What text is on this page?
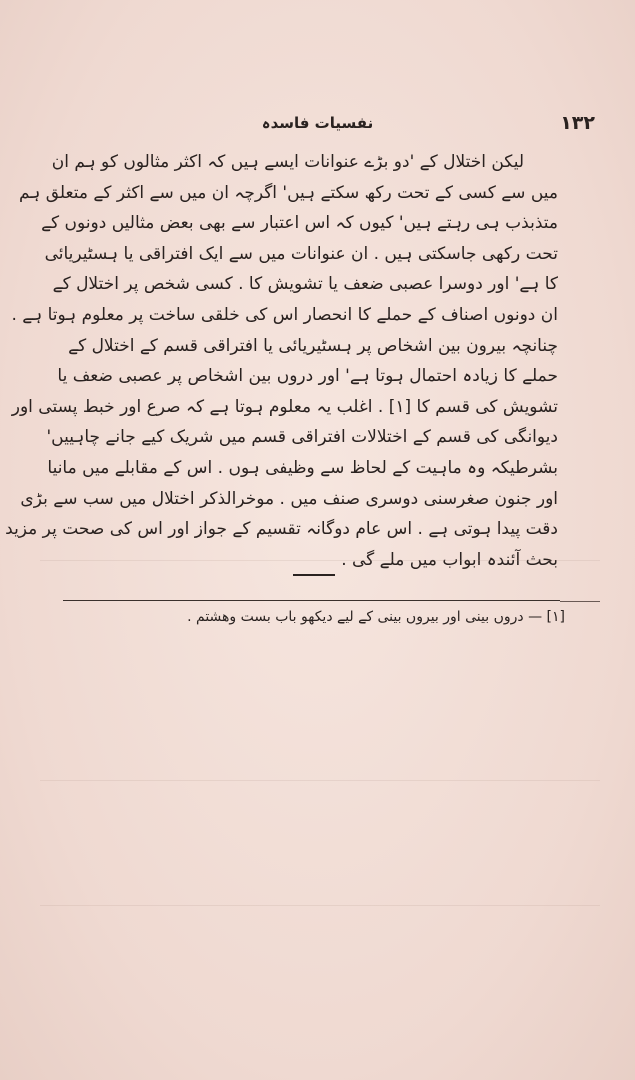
۱۳۲
نفسیات فاسدہ
لیکن اختلال کے 'دو بڑے عنوانات ایسے ہیں کہ اکثر مثالوں کو ہم ان
میں سے کسی کے تحت رکھ سکتے ہیں' اگرچہ ان میں سے اکثر کے متعلق ہم
متذبذب ہی رہتے ہیں' کیوں کہ اس اعتبار سے بھی بعض مثالیں دونوں کے
تحت رکھی جاسکتی ہیں . ان عنوانات میں سے ایک افتراقی یا ہسٹیریائی
کا ہے' اور دوسرا عصبی ضعف یا تشویش کا . کسی شخص پر اختلال کے
ان دونوں اصناف کے حملے کا انحصار اس کی خلقی ساخت پر معلوم ہوتا ہے .
چنانچہ بیرون بین اشخاص پر ہسٹیریائی یا افتراقی قسم کے اختلال کے
حملے کا زیادہ احتمال ہوتا ہے' اور دروں بین اشخاص پر عصبی ضعف یا
تشویش کی قسم کا [۱] . اغلب یہ معلوم ہوتا ہے کہ صرع اور خبط پستی اور
دیوانگی کی قسم کے اختلالات افتراقی قسم میں شریک کیے جانے چاہییں'
بشرطیکہ وہ ماہیت کے لحاظ سے وظیفی ہوں . اس کے مقابلے میں مانیا
اور جنون صغرسنی دوسری صنف میں . موخرالذکر اختلال میں سب سے بڑی
دقت پیدا ہوتی ہے . اس عام دوگانہ تقسیم کے جواز اور اس کی صحت پر مزید
بحث آئندہ ابواب میں ملے گی .
[۱] — دروں بینی اور بیروں بینی کے لیے دیکھو باب بست وهشتم .
